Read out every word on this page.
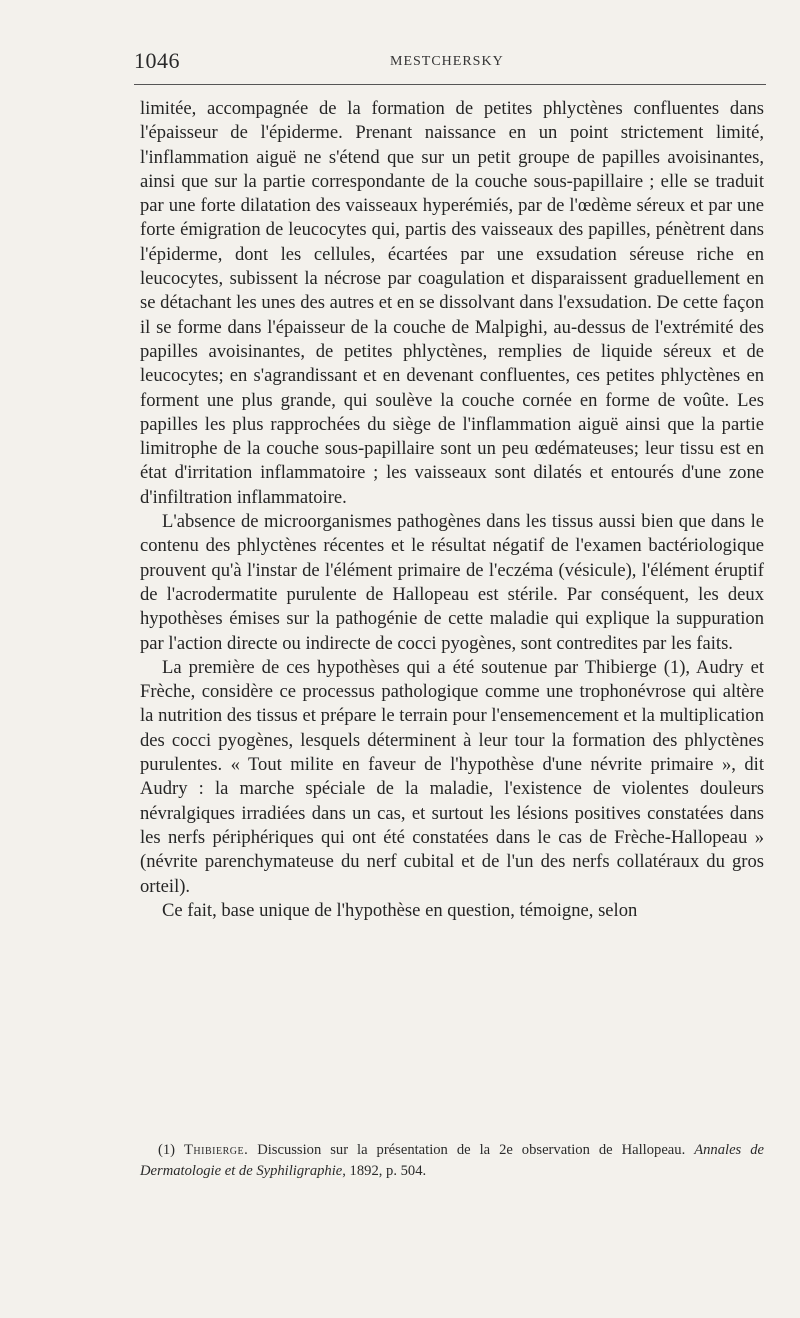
1046	MESTCHERSKY

limitée, accompagnée de la formation de petites phlyctènes confluentes dans l'épaisseur de l'épiderme. Prenant naissance en un point strictement limité, l'inflammation aiguë ne s'étend que sur un petit groupe de papilles avoisinantes, ainsi que sur la partie correspondante de la couche sous-papillaire ; elle se traduit par une forte dilatation des vaisseaux hyperémiés, par de l'œdème séreux et par une forte émigration de leucocytes qui, partis des vaisseaux des papilles, pénètrent dans l'épiderme, dont les cellules, écartées par une exsudation séreuse riche en leucocytes, subissent la nécrose par coagulation et disparaissent graduellement en se détachant les unes des autres et en se dissolvant dans l'exsudation. De cette façon il se forme dans l'épaisseur de la couche de Malpighi, au-dessus de l'extrémité des papilles avoisinantes, de petites phlyctènes, remplies de liquide séreux et de leucocytes; en s'agrandissant et en devenant confluentes, ces petites phlyctènes en forment une plus grande, qui soulève la couche cornée en forme de voûte. Les papilles les plus rapprochées du siège de l'inflammation aiguë ainsi que la partie limitrophe de la couche sous-papillaire sont un peu œdémateuses; leur tissu est en état d'irritation inflammatoire ; les vaisseaux sont dilatés et entourés d'une zone d'infiltration inflammatoire.

L'absence de microorganismes pathogènes dans les tissus aussi bien que dans le contenu des phlyctènes récentes et le résultat négatif de l'examen bactériologique prouvent qu'à l'instar de l'élément primaire de l'eczéma (vésicule), l'élément éruptif de l'acrodermatite purulente de Hallopeau est stérile. Par conséquent, les deux hypothèses émises sur la pathogénie de cette maladie qui explique la suppuration par l'action directe ou indirecte de cocci pyogènes, sont contredites par les faits.

La première de ces hypothèses qui a été soutenue par Thibierge (1), Audry et Frèche, considère ce processus pathologique comme une trophonévrose qui altère la nutrition des tissus et prépare le terrain pour l'ensemencement et la multiplication des cocci pyogènes, lesquels déterminent à leur tour la formation des phlyctènes purulentes. « Tout milite en faveur de l'hypothèse d'une névrite primaire », dit Audry : la marche spéciale de la maladie, l'existence de violentes douleurs névralgiques irradiées dans un cas, et surtout les lésions positives constatées dans les nerfs périphériques qui ont été constatées dans le cas de Frèche-Hallopeau » (névrite parenchymateuse du nerf cubital et de l'un des nerfs collatéraux du gros orteil).

Ce fait, base unique de l'hypothèse en question, témoigne, selon

(1) Thibierge. Discussion sur la présentation de la 2e observation de Hallopeau. Annales de Dermatologie et de Syphiligraphie, 1892, p. 504.
